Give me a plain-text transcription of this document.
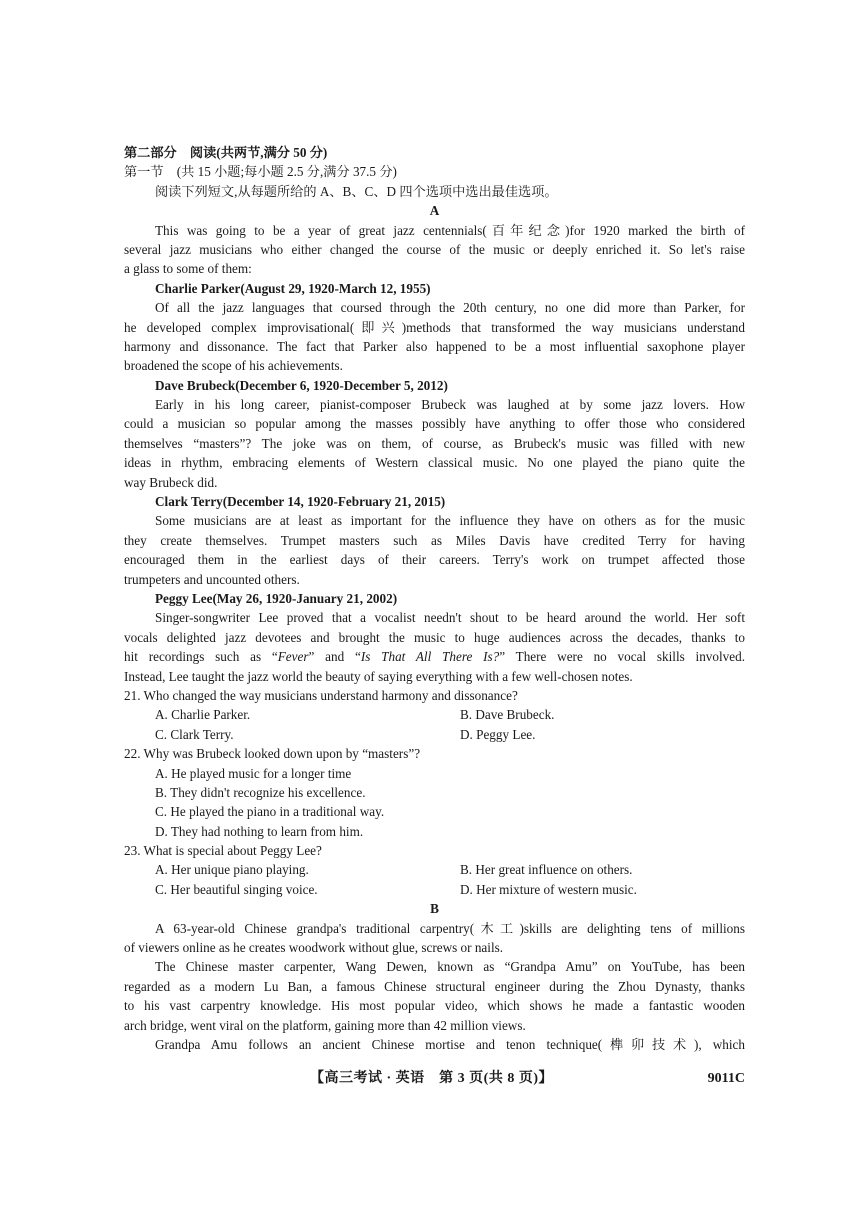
第二部分　阅读(共两节,满分 50 分)
第一节　(共 15 小题;每小题 2.5 分,满分 37.5 分)
阅读下列短文,从每题所给的 A、B、C、D 四个选项中选出最佳选项。
A
This was going to be a year of great jazz centennials(百年纪念)for 1920 marked the birth of
several jazz musicians who either changed the course of the music or deeply enriched it. So let's raise
a glass to some of them:
Charlie Parker(August 29, 1920-March 12, 1955)
Of all the jazz languages that coursed through the 20th century, no one did more than Parker, for
he developed complex improvisational(即兴)methods that transformed the way musicians understand
harmony and dissonance. The fact that Parker also happened to be a most influential saxophone player
broadened the scope of his achievements.
Dave Brubeck(December 6, 1920-December 5, 2012)
Early in his long career, pianist-composer Brubeck was laughed at by some jazz lovers. How
could a musician so popular among the masses possibly have anything to offer those who considered
themselves “masters”? The joke was on them, of course, as Brubeck's music was filled with new
ideas in rhythm, embracing elements of Western classical music. No one played the piano quite the
way Brubeck did.
Clark Terry(December 14, 1920-February 21, 2015)
Some musicians are at least as important for the influence they have on others as for the music
they create themselves. Trumpet masters such as Miles Davis have credited Terry for having
encouraged them in the earliest days of their careers. Terry's work on trumpet affected those
trumpeters and uncounted others.
Peggy Lee(May 26, 1920-January 21, 2002)
Singer-songwriter Lee proved that a vocalist needn't shout to be heard around the world. Her soft
vocals delighted jazz devotees and brought the music to huge audiences across the decades, thanks to
hit recordings such as “Fever” and “Is That All There Is?” There were no vocal skills involved.
Instead, Lee taught the jazz world the beauty of saying everything with a few well-chosen notes.
21. Who changed the way musicians understand harmony and dissonance?
A. Charlie Parker.	B. Dave Brubeck.
C. Clark Terry.	D. Peggy Lee.
22. Why was Brubeck looked down upon by “masters”?
A. He played music for a longer time
B. They didn't recognize his excellence.
C. He played the piano in a traditional way.
D. They had nothing to learn from him.
23. What is special about Peggy Lee?
A. Her unique piano playing.	B. Her great influence on others.
C. Her beautiful singing voice.	D. Her mixture of western music.
B
A 63-year-old Chinese grandpa's traditional carpentry(木工)skills are delighting tens of millions
of viewers online as he creates woodwork without glue, screws or nails.
The Chinese master carpenter, Wang Dewen, known as “Grandpa Amu” on YouTube, has been
regarded as a modern Lu Ban, a famous Chinese structural engineer during the Zhou Dynasty, thanks
to his vast carpentry knowledge. His most popular video, which shows he made a fantastic wooden
arch bridge, went viral on the platform, gaining more than 42 million views.
Grandpa Amu follows an ancient Chinese mortise and tenon technique(榫卯技术), which
【高三考试 · 英语　第 3 页(共 8 页)】	9011C
